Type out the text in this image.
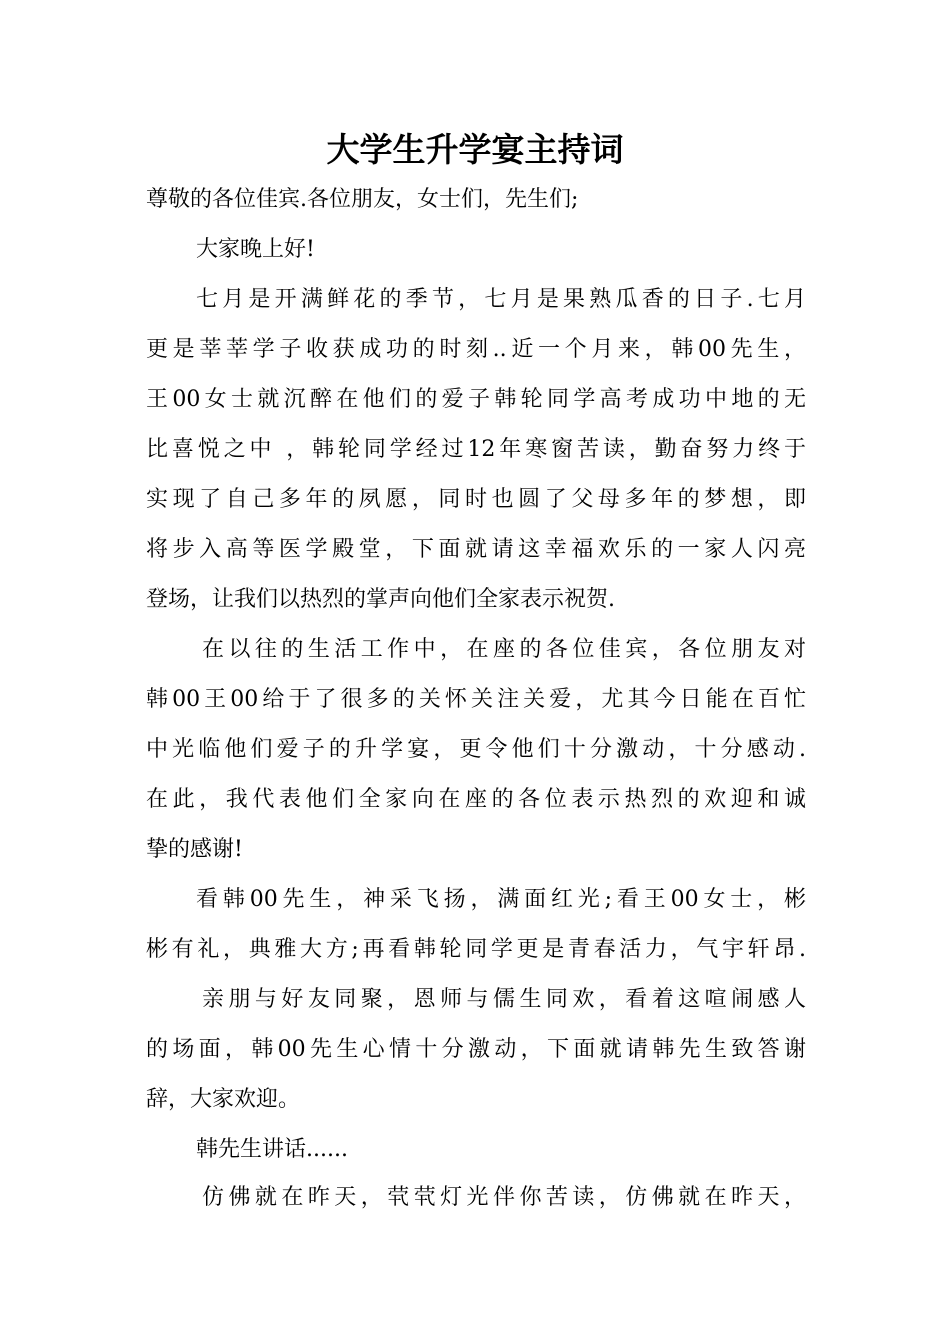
大学生升学宴主持词

尊敬的各位佳宾.各位朋友，女士们，先生们;

大家晚上好!

七月是开满鲜花的季节，七月是果熟瓜香的日子.七月

更是莘莘学子收获成功的时刻..近一个月来，韩00先生，

王00女士就沉醉在他们的爱子韩轮同学高考成功中地的无

比喜悦之中 ，韩轮同学经过12年寒窗苦读，勤奋努力终于

实现了自己多年的夙愿，同时也圆了父母多年的梦想，即

将步入高等医学殿堂，下面就请这幸福欢乐的一家人闪亮

登场，让我们以热烈的掌声向他们全家表示祝贺.

在以往的生活工作中，在座的各位佳宾，各位朋友对

韩00王00给于了很多的关怀关注关爱，尤其今日能在百忙

中光临他们爱子的升学宴，更令他们十分激动，十分感动.

在此，我代表他们全家向在座的各位表示热烈的欢迎和诚

挚的感谢!

看韩00先生，神采飞扬，满面红光;看王00女士，彬

彬有礼，典雅大方;再看韩轮同学更是青春活力，气宇轩昂.

亲朋与好友同聚，恩师与儒生同欢，看着这喧闹感人

的场面，韩00先生心情十分激动，下面就请韩先生致答谢

辞，大家欢迎。

韩先生讲话......

仿佛就在昨天，茕茕灯光伴你苦读，仿佛就在昨天，
